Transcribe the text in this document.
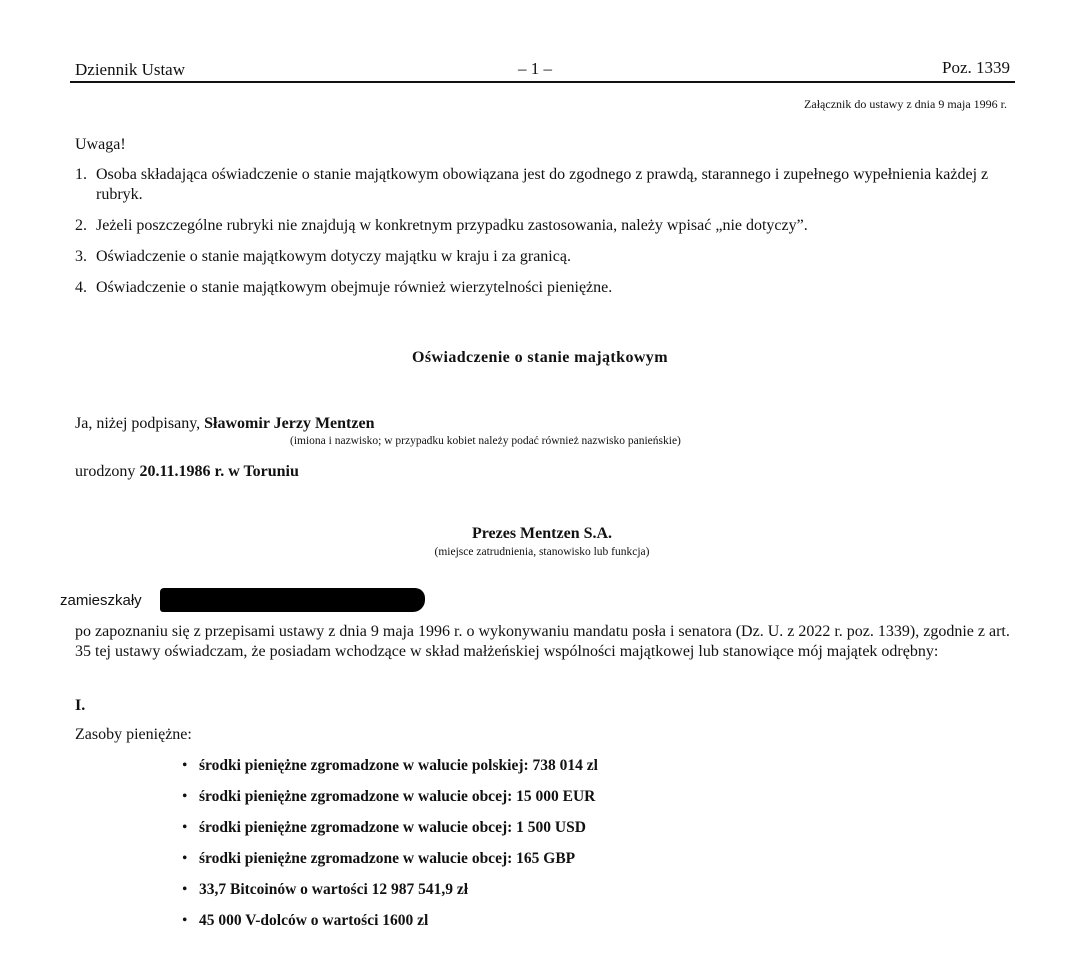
Dziennik Ustaw	– 1 –	Poz. 1339
Załącznik do ustawy z dnia 9 maja 1996 r.
Uwaga!
1. Osoba składająca oświadczenie o stanie majątkowym obowiązana jest do zgodnego z prawdą, starannego i zupełnego wypełnienia każdej z rubryk.
2. Jeżeli poszczególne rubryki nie znajdują w konkretnym przypadku zastosowania, należy wpisać „nie dotyczy”.
3. Oświadczenie o stanie majątkowym dotyczy majątku w kraju i za granicą.
4. Oświadczenie o stanie majątkowym obejmuje również wierzytelności pieniężne.
Oświadczenie o stanie majątkowym
Ja, niżej podpisany, Sławomir Jerzy Mentzen
(imiona i nazwisko; w przypadku kobiet należy podać również nazwisko panieńskie)
urodzony 20.11.1986 r. w Toruniu
Prezes Mentzen S.A.
(miejsce zatrudnienia, stanowisko lub funkcja)
zamieszkały
po zapoznaniu się z przepisami ustawy z dnia 9 maja 1996 r. o wykonywaniu mandatu posła i senatora (Dz. U. z 2022 r. poz. 1339), zgodnie z art. 35 tej ustawy oświadczam, że posiadam wchodzące w skład małżeńskiej wspólności majątkowej lub stanowiące mój majątek odrębny:
I.
Zasoby pieniężne:
• środki pieniężne zgromadzone w walucie polskiej: 738 014 zl
• środki pieniężne zgromadzone w walucie obcej: 15 000 EUR
• środki pieniężne zgromadzone w walucie obcej: 1 500 USD
• środki pieniężne zgromadzone w walucie obcej: 165 GBP
• 33,7 Bitcoinów o wartości 12 987 541,9 zł
• 45 000 V-dolców o wartości 1600 zl
